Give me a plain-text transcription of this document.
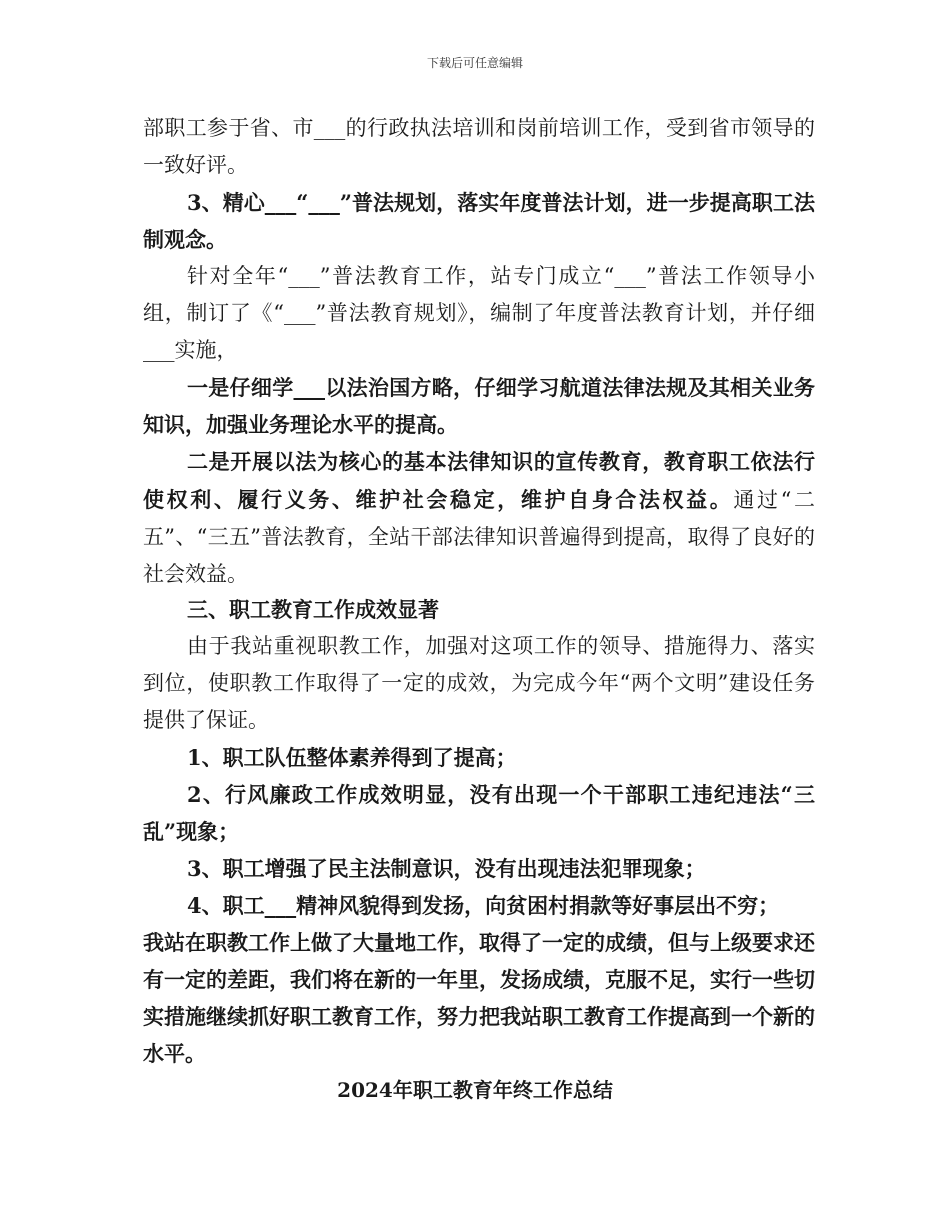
下载后可任意编辑

部职工参于省、市___的行政执法培训和岗前培训工作，受到省市领导的一致好评。

3、精心___“___”普法规划，落实年度普法计划，进一步提高职工法制观念。

针对全年“___”普法教育工作，站专门成立“___”普法工作领导小组，制订了《“___”普法教育规划》，编制了年度普法教育计划，并仔细___实施，

一是仔细学___以法治国方略，仔细学习航道法律法规及其相关业务知识，加强业务理论水平的提高。

二是开展以法为核心的基本法律知识的宣传教育，教育职工依法行使权利、履行义务、维护社会稳定，维护自身合法权益。通过“二五”、“三五”普法教育，全站干部法律知识普遍得到提高，取得了良好的社会效益。

三、职工教育工作成效显著

由于我站重视职教工作，加强对这项工作的领导、措施得力、落实到位，使职教工作取得了一定的成效，为完成今年“两个文明”建设任务提供了保证。

1、职工队伍整体素养得到了提高；

2、行风廉政工作成效明显，没有出现一个干部职工违纪违法“三乱”现象；

3、职工增强了民主法制意识，没有出现违法犯罪现象；

4、职工___精神风貌得到发扬，向贫困村捐款等好事层出不穷；

我站在职教工作上做了大量地工作，取得了一定的成绩，但与上级要求还有一定的差距，我们将在新的一年里，发扬成绩，克服不足，实行一些切实措施继续抓好职工教育工作，努力把我站职工教育工作提高到一个新的水平。

2024年职工教育年终工作总结
